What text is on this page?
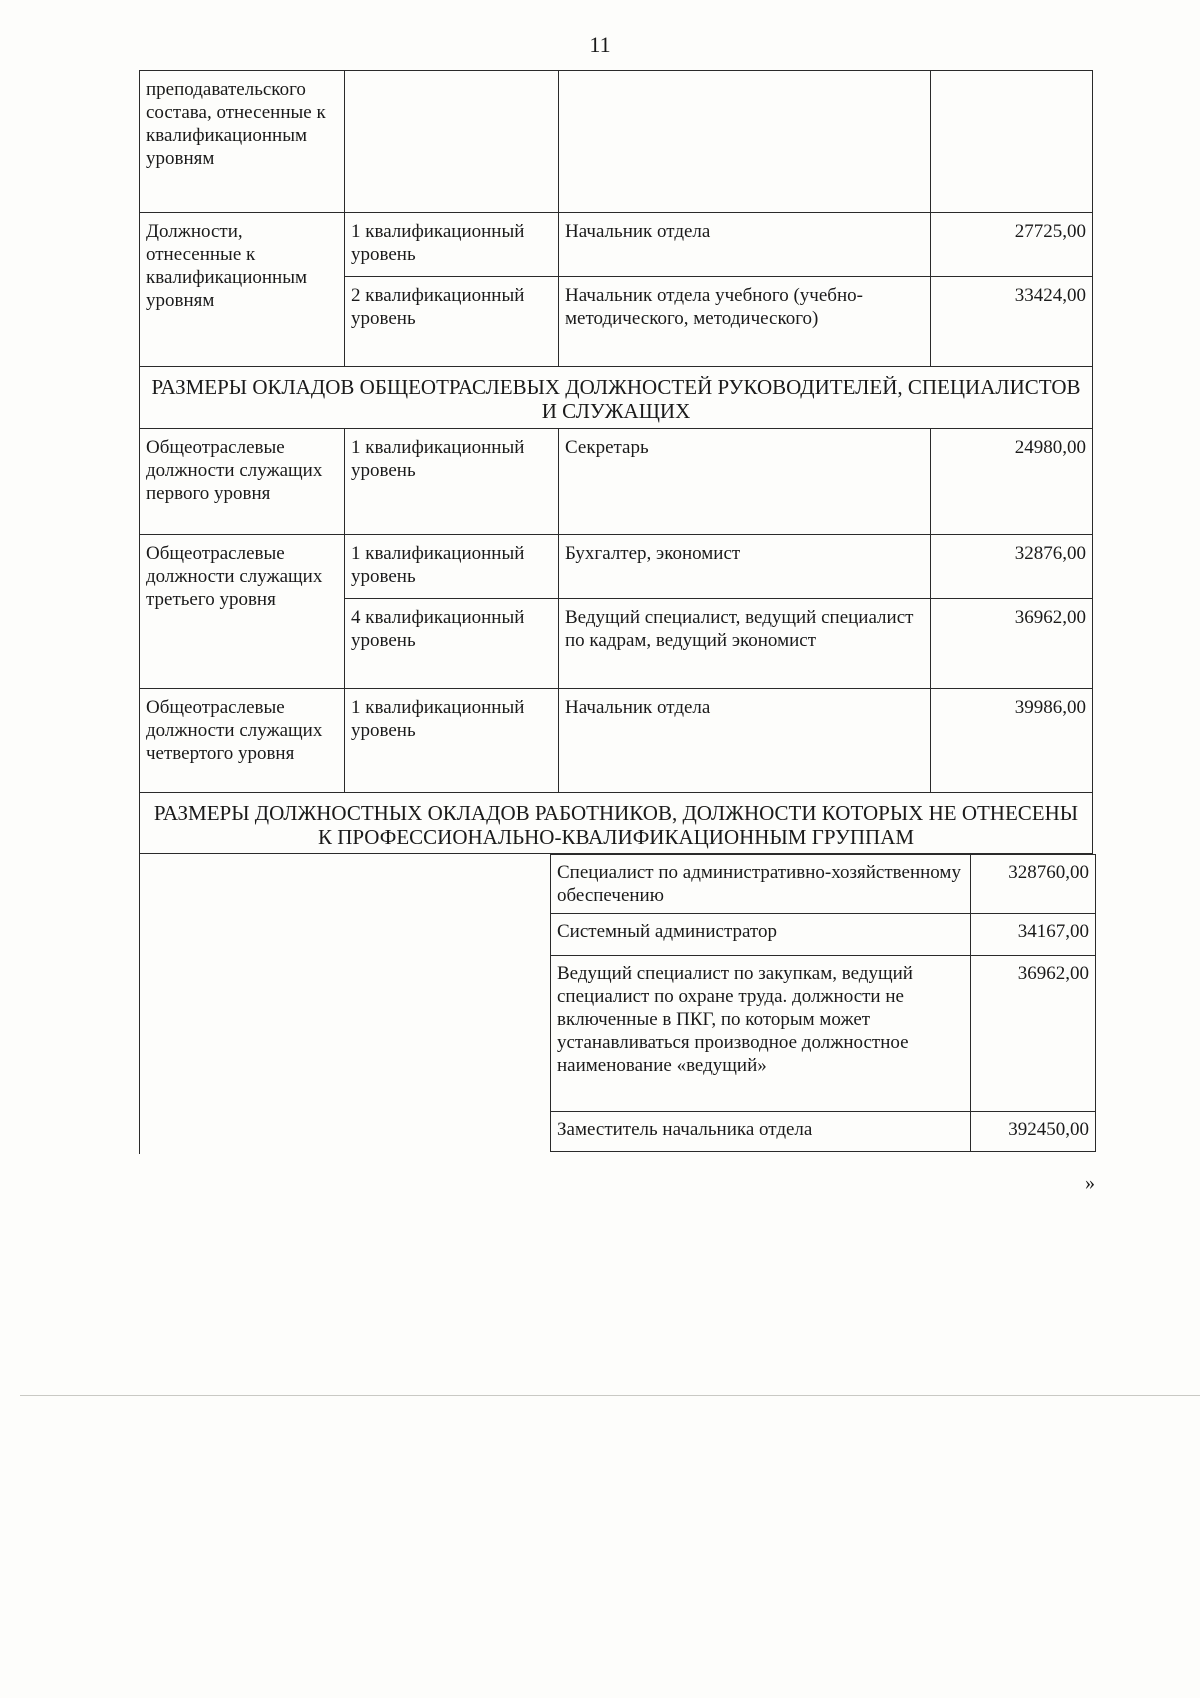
11
преподавательского состава, отнесенные к квалификационным уровням			
Должности, отнесенные к квалификационным уровням	1 квалификационный уровень	Начальник отдела	27725,00
	2 квалификационный уровень	Начальник отдела учебного (учебно-методического, методического)	33424,00
РАЗМЕРЫ ОКЛАДОВ ОБЩЕОТРАСЛЕВЫХ ДОЛЖНОСТЕЙ РУКОВОДИТЕЛЕЙ, СПЕЦИАЛИСТОВ И СЛУЖАЩИХ			
Общеотраслевые должности служащих первого уровня	1 квалификационный уровень	Секретарь	24980,00
Общеотраслевые должности служащих третьего уровня	1 квалификационный уровень	Бухгалтер, экономист	32876,00
	4 квалификационный уровень	Ведущий специалист, ведущий специалист по кадрам, ведущий экономист	36962,00
Общеотраслевые должности служащих четвертого уровня	1 квалификационный уровень	Начальник отдела	39986,00
РАЗМЕРЫ ДОЛЖНОСТНЫХ ОКЛАДОВ РАБОТНИКОВ, ДОЛЖНОСТИ КОТОРЫХ НЕ ОТНЕСЕНЫ К ПРОФЕССИОНАЛЬНО-КВАЛИФИКАЦИОННЫМ ГРУППАМ			
Специалист по административно-хозяйственному обеспечению	328760,00
Системный администратор	34167,00
Ведущий специалист по закупкам, ведущий специалист по охране труда. должности не включенные в ПКГ, по которым может устанавливаться производное должностное наименование «ведущий»	36962,00
Заместитель начальника отдела	392450,00
»
